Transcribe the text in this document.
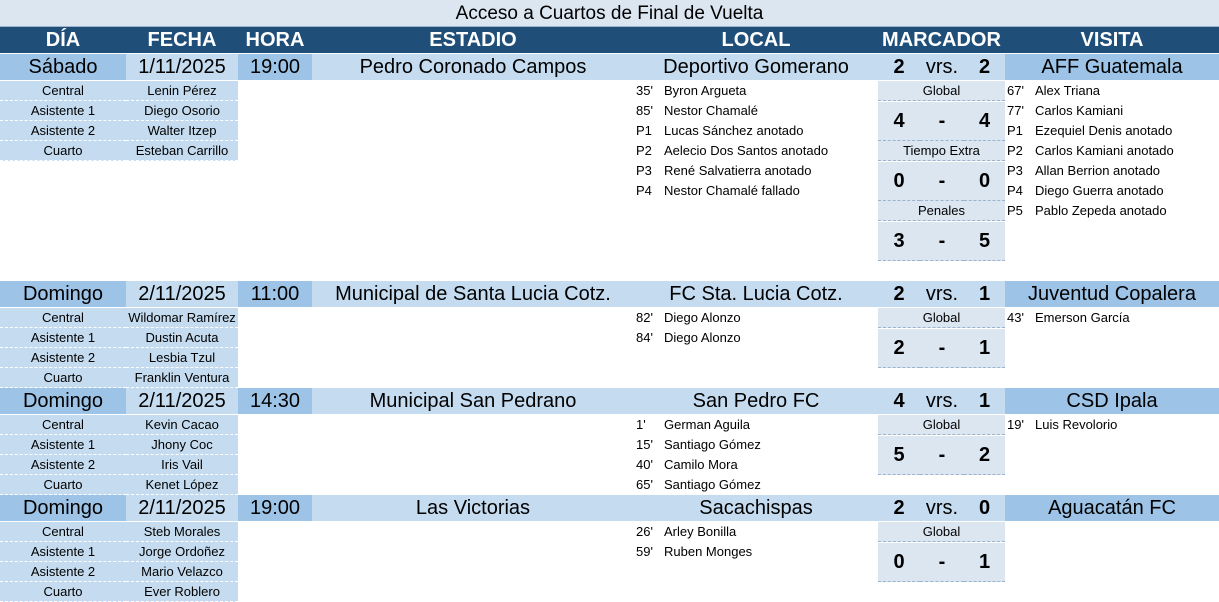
Acceso a Cuartos de Final de Vuelta
DÍA	FECHA	HORA	ESTADIO	LOCAL	MARCADOR	VISITA
Sábado	1/11/2025	19:00	Pedro Coronado Campos	Deportivo Gomerano	2	vrs.	2	AFF Guatemala
Central	Lenin Pérez
Asistente 1	Diego Osorio
Asistente 2	Walter Itzep
Cuarto	Esteban Carrillo
35' Byron Argueta
85' Nestor Chamalé
P1 Lucas Sánchez anotado
P2 Aelecio Dos Santos anotado
P3 René Salvatierra anotado
P4 Nestor Chamalé fallado
67' Alex Triana
77' Carlos Kamiani
P1 Ezequiel Denis anotado
P2 Carlos Kamiani anotado
P3 Allan Berrion anotado
P4 Diego Guerra anotado
P5 Pablo Zepeda anotado
Global
4	-	4
Tiempo Extra
0	-	0
Penales
3	-	5
Domingo	2/11/2025	11:00	Municipal de Santa Lucia Cotz.	FC Sta. Lucia Cotz.	2	vrs.	1	Juventud Copalera
Central	Wildomar Ramírez
Asistente 1	Dustin Acuta
Asistente 2	Lesbia Tzul
Cuarto	Franklin Ventura
82' Diego Alonzo
84' Diego Alonzo
43' Emerson García
Global
2	-	1
Domingo	2/11/2025	14:30	Municipal San Pedrano	San Pedro FC	4	vrs.	1	CSD Ipala
Central	Kevin Cacao
Asistente 1	Jhony Coc
Asistente 2	Iris Vail
Cuarto	Kenet López
1' German Aguila
15' Santiago Gómez
40' Camilo Mora
65' Santiago Gómez
19' Luis Revolorio
Global
5	-	2
Domingo	2/11/2025	19:00	Las Victorias	Sacachispas	2	vrs.	0	Aguacatán FC
Central	Steb Morales
Asistente 1	Jorge Ordoñez
Asistente 2	Mario Velazco
Cuarto	Ever Roblero
26' Arley Bonilla
59' Ruben Monges
Global
0	-	1
